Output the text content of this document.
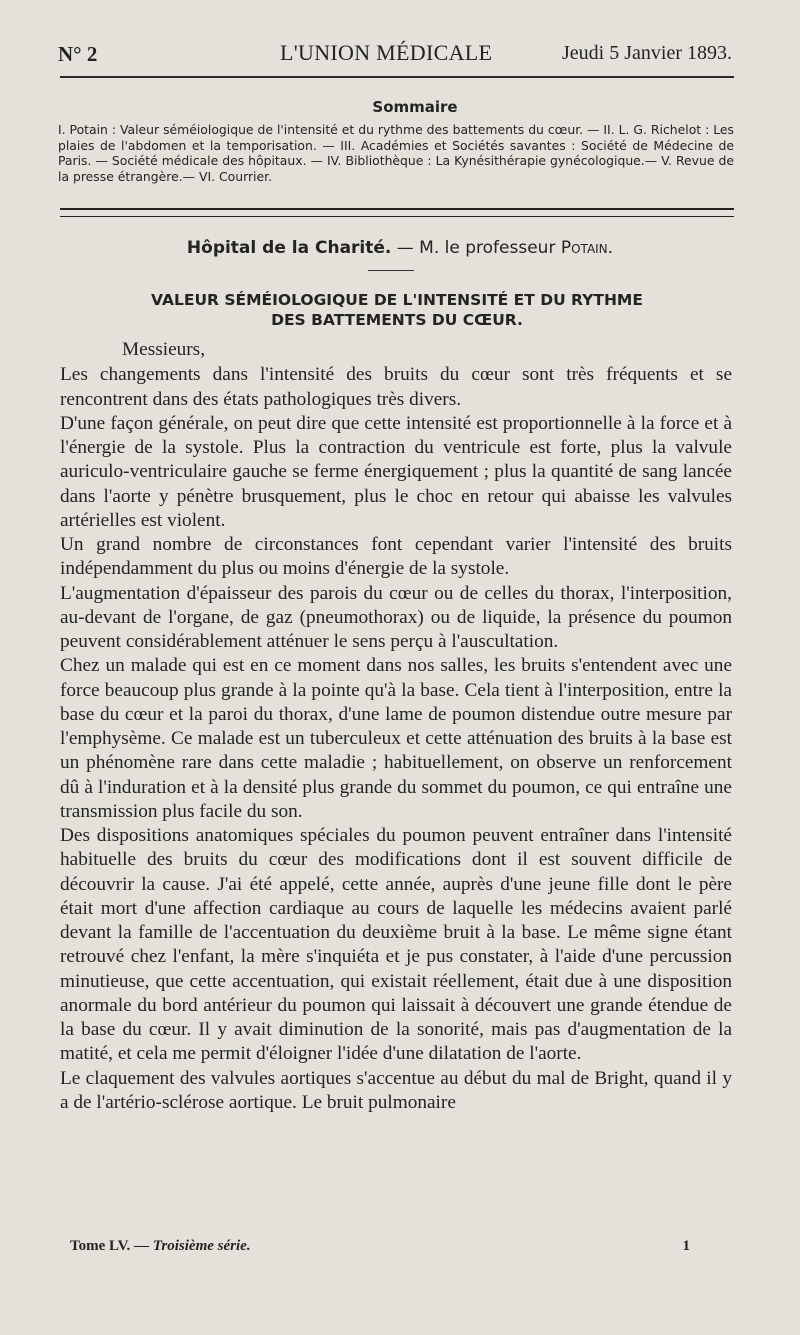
N° 2	L'UNION MÉDICALE	Jeudi 5 Janvier 1893.
Sommaire
I. Potain : Valeur séméiologique de l'intensité et du rythme des battements du cœur. — II. L. G. Richelot : Les plaies de l'abdomen et la temporisation. — III. Académies et Sociétés savantes : Société de Médecine de Paris. — Société médicale des hôpitaux. — IV. Bibliothèque : La Kynésithérapie gynécologique.— V. Revue de la presse étrangère.— VI. Courrier.
Hôpital de la Charité. — M. le professeur Potain.
VALEUR SÉMÉIOLOGIQUE DE L'INTENSITÉ ET DU RYTHME
DES BATTEMENTS DU CŒUR.

Messieurs,

Les changements dans l'intensité des bruits du cœur sont très fréquents et se rencontrent dans des états pathologiques très divers.

D'une façon générale, on peut dire que cette intensité est proportionnelle à la force et à l'énergie de la systole. Plus la contraction du ventricule est forte, plus la valvule auriculo-ventriculaire gauche se ferme énergiquement ; plus la quantité de sang lancée dans l'aorte y pénètre brusquement, plus le choc en retour qui abaisse les valvules artérielles est violent.

Un grand nombre de circonstances font cependant varier l'intensité des bruits indépendamment du plus ou moins d'énergie de la systole.

L'augmentation d'épaisseur des parois du cœur ou de celles du thorax, l'interposition, au-devant de l'organe, de gaz (pneumothorax) ou de liquide, la présence du poumon peuvent considérablement atténuer le sens perçu à l'auscultation.

Chez un malade qui est en ce moment dans nos salles, les bruits s'entendent avec une force beaucoup plus grande à la pointe qu'à la base. Cela tient à l'interposition, entre la base du cœur et la paroi du thorax, d'une lame de poumon distendue outre mesure par l'emphysème. Ce malade est un tuberculeux et cette atténuation des bruits à la base est un phénomène rare dans cette maladie ; habituellement, on observe un renforcement dû à l'induration et à la densité plus grande du sommet du poumon, ce qui entraîne une transmission plus facile du son.

Des dispositions anatomiques spéciales du poumon peuvent entraîner dans l'intensité habituelle des bruits du cœur des modifications dont il est souvent difficile de découvrir la cause. J'ai été appelé, cette année, auprès d'une jeune fille dont le père était mort d'une affection cardiaque au cours de laquelle les médecins avaient parlé devant la famille de l'accentuation du deuxième bruit à la base. Le même signe étant retrouvé chez l'enfant, la mère s'inquiéta et je pus constater, à l'aide d'une percussion minutieuse, que cette accentuation, qui existait réellement, était due à une disposition anormale du bord antérieur du poumon qui laissait à découvert une grande étendue de la base du cœur. Il y avait diminution de la sonorité, mais pas d'augmentation de la matité, et cela me permit d'éloigner l'idée d'une dilatation de l'aorte.

Le claquement des valvules aortiques s'accentue au début du mal de Bright, quand il y a de l'artério-sclérose aortique. Le bruit pulmonaire

Tome LV. — Troisième série.	1
